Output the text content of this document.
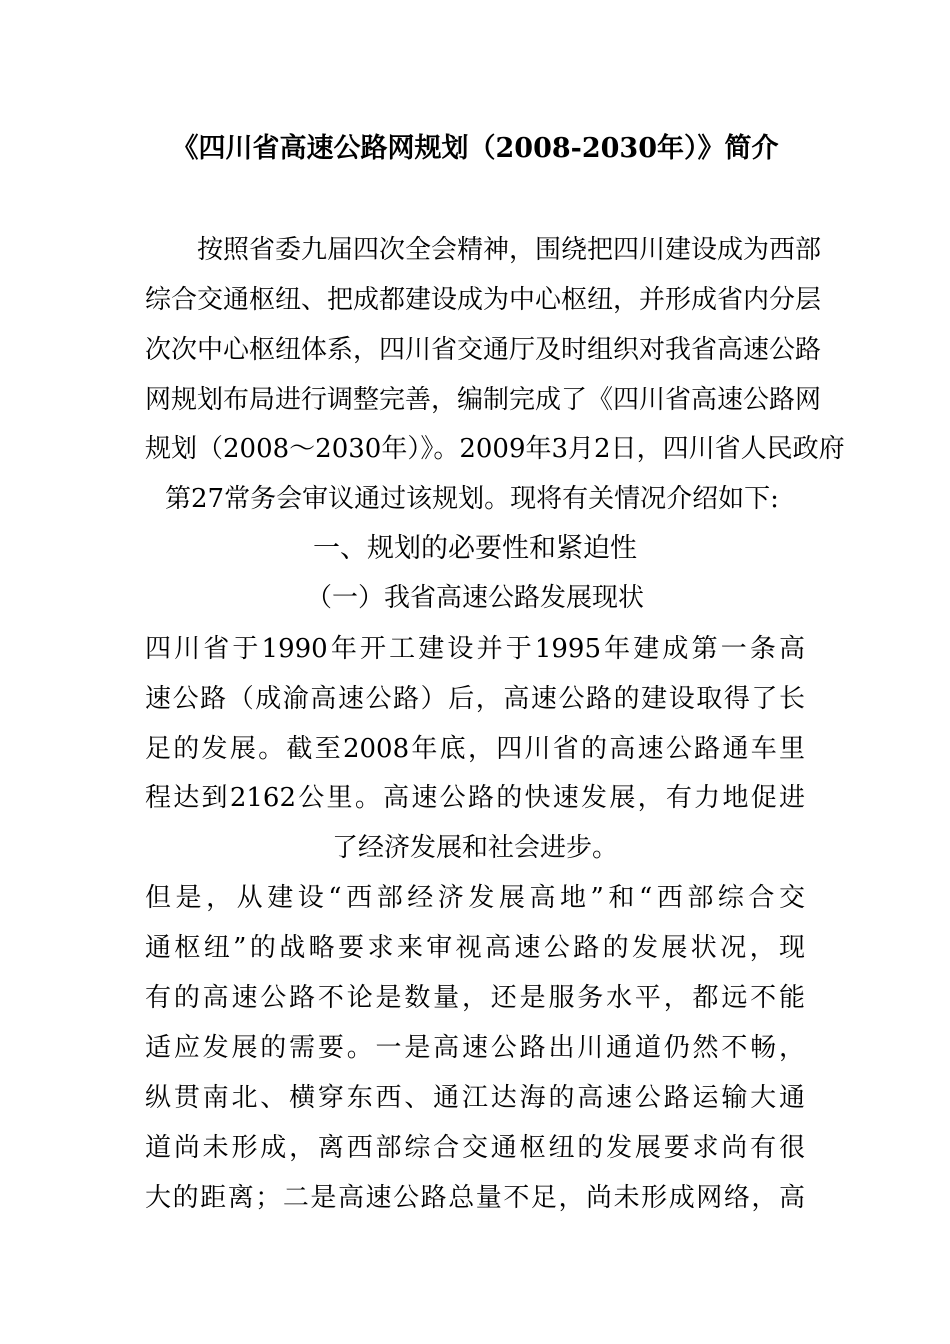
《四川省高速公路网规划（2008-2030年）》简介
按照省委九届四次全会精神，围绕把四川建设成为西部
综合交通枢纽、把成都建设成为中心枢纽，并形成省内分层
次次中心枢纽体系，四川省交通厅及时组织对我省高速公路
网规划布局进行调整完善，编制完成了《四川省高速公路网
规划（2008～2030年）》。2009年3月2日，四川省人民政府
第27常务会审议通过该规划。现将有关情况介绍如下:
一、规划的必要性和紧迫性
（一）我省高速公路发展现状
四川省于1990年开工建设并于1995年建成第一条高
速公路（成渝高速公路）后，高速公路的建设取得了长
足的发展。截至2008年底，四川省的高速公路通车里
程达到2162公里。高速公路的快速发展，有力地促进
了经济发展和社会进步。
但是，从建设“西部经济发展高地”和“西部综合交
通枢纽”的战略要求来审视高速公路的发展状况，现
有的高速公路不论是数量，还是服务水平，都远不能
适应发展的需要。一是高速公路出川通道仍然不畅，
纵贯南北、横穿东西、通江达海的高速公路运输大通
道尚未形成，离西部综合交通枢纽的发展要求尚有很
大的距离；二是高速公路总量不足，尚未形成网络，高
